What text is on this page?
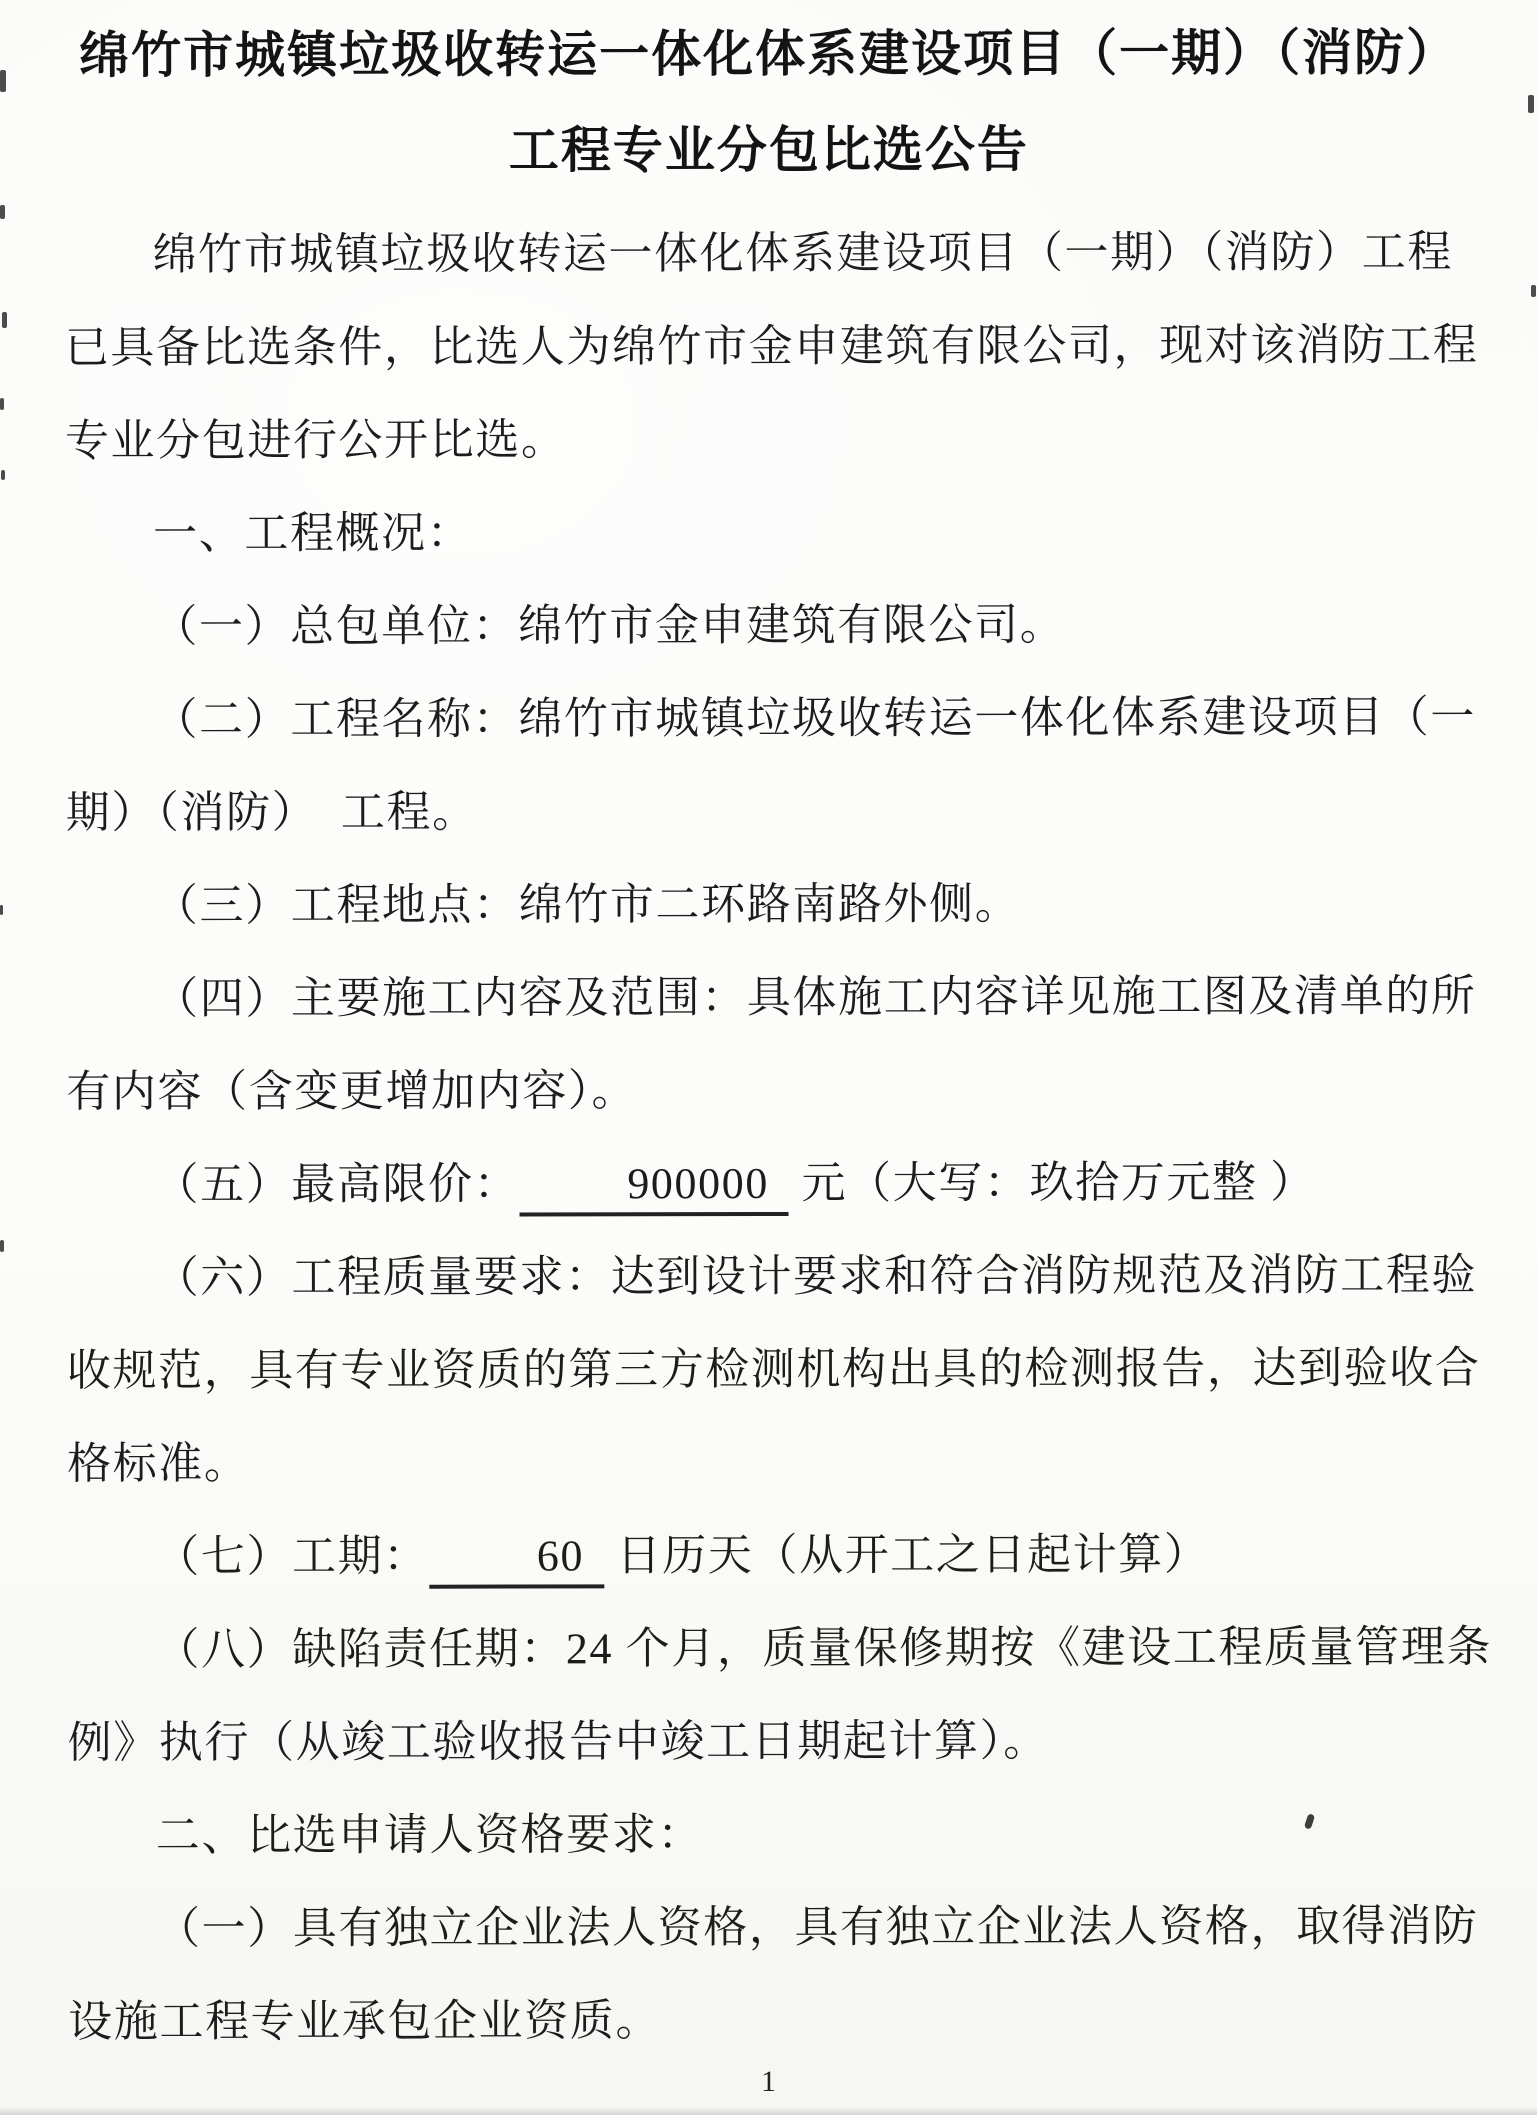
绵竹市城镇垃圾收转运一体化体系建设项目（一期）（消防）
工程专业分包比选公告
绵竹市城镇垃圾收转运一体化体系建设项目（一期）（消防）工程
已具备比选条件，比选人为绵竹市金申建筑有限公司，现对该消防工程
专业分包进行公开比选。
一、工程概况：
（一）总包单位：绵竹市金申建筑有限公司。
（二）工程名称：绵竹市城镇垃圾收转运一体化体系建设项目（一
期）（消防）　工程。
（三）工程地点：绵竹市二环路南路外侧。
（四）主要施工内容及范围：具体施工内容详见施工图及清单的所
有内容（含变更增加内容）。
（五）最高限价： 900000 元（大写：玖拾万元整 ）
（六）工程质量要求：达到设计要求和符合消防规范及消防工程验
收规范，具有专业资质的第三方检测机构出具的检测报告，达到验收合
格标准。
（七）工期： 60 日历天（从开工之日起计算）
（八）缺陷责任期：24 个月，质量保修期按《建设工程质量管理条
例》执行（从竣工验收报告中竣工日期起计算）。
二、比选申请人资格要求：
（一）具有独立企业法人资格，具有独立企业法人资格，取得消防
设施工程专业承包企业资质。
1
